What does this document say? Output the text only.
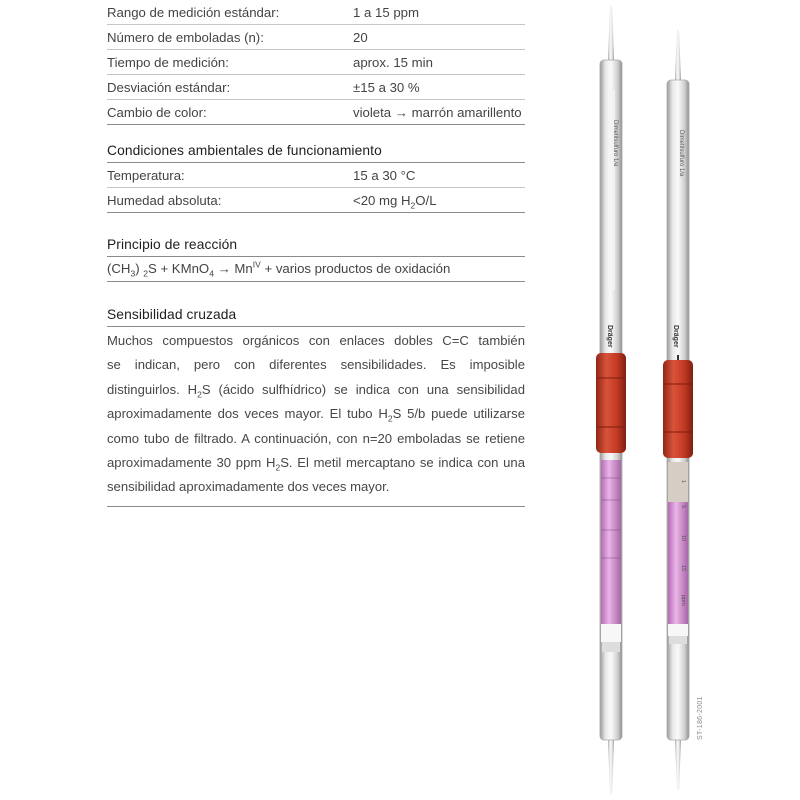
Rango de medición estándar:	1 a 15 ppm
Número de emboladas (n):	20
Tiempo de medición:	aprox. 15 min
Desviación estándar:	±15 a 30 %
Cambio de color:	violeta → marrón amarillento
Condiciones ambientales de funcionamiento
Temperatura:	15 a 30 °C
Humedad absoluta:	<20 mg $H_2O/L$
Principio de reacción
$(CH_3) _2S$ + KMnO$_4$ → $Mn^{IV}$ + varios productos de oxidación
Sensibilidad cruzada
Muchos compuestos orgánicos con enlaces dobles C=C también
se indican, pero con diferentes sensibilidades. Es imposible
distinguirlos. $H_2S$ (ácido sulfhídrico) se indica con una sensibilidad
aproximadamente dos veces mayor. El tubo $H_2S$ 5/b puede utilizarse
como tubo de filtrado. A continuación, con n=20 emboladas se retiene
aproximadamente 30 ppm $H_2S$. El metil mercaptano se indica con una
sensibilidad aproximadamente dos veces mayor.
Dimetilsulfuro 1/a
Dräger
Dimetilsulfuro 1/a
Dräger
1
5
10
15
ppm
ST-186-2001
